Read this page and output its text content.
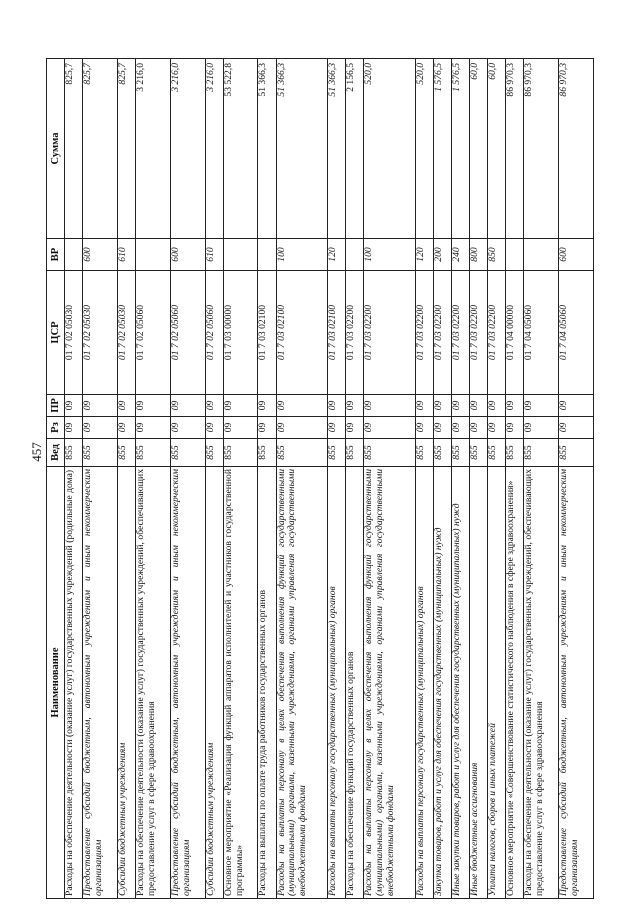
457
Наименование	Вед	Рз	ПР	ЦСР	ВР	Сумма
Расходы на обеспечение деятельности (оказание услуг) государственных учреждений (родильные дома)	855	09	09	01 7 02 05030		825,7
Предоставление субсидий бюджетным, автономным учреждениям и иным некоммерческим организациям	855	09	09	01 7 02 05030	600	825,7
Субсидии бюджетным учреждениям	855	09	09	01 7 02 05030	610	825,7
Расходы на обеспечение деятельности (оказание услуг) государственных учреждений, обеспечивающих предоставление услуг в сфере здравоохранения	855	09	09	01 7 02 05060		3 216,0
Предоставление субсидий бюджетным, автономным учреждениям и иным некоммерческим организациям	855	09	09	01 7 02 05060	600	3 216,0
Субсидии бюджетным учреждениям	855	09	09	01 7 02 05060	610	3 216,0
Основное мероприятие «Реализация функций аппаратов исполнителей и участников государственной программы»	855	09	09	01 7 03 00000		53 522,8
Расходы на выплаты по оплате труда работников государственных органов	855	09	09	01 7 03 02100		51 366,3
Расходы на выплаты персоналу в целях обеспечения выполнения функций государственными (муниципальными) органами, казенными учреждениями, органами управления государственными внебюджетными фондами	855	09	09	01 7 03 02100	100	51 366,3
Расходы на выплаты персоналу государственных (муниципальных) органов	855	09	09	01 7 03 02100	120	51 366,3
Расходы на обеспечение функций государственных органов	855	09	09	01 7 03 02200		2 156,5
Расходы на выплаты персоналу в целях обеспечения выполнения функций государственными (муниципальными) органами, казенными учреждениями, органами управления государственными внебюджетными фондами	855	09	09	01 7 03 02200	100	520,0
Расходы на выплаты персоналу государственных (муниципальных) органов	855	09	09	01 7 03 02200	120	520,0
Закупка товаров, работ и услуг для обеспечения государственных (муниципальных) нужд	855	09	09	01 7 03 02200	200	1 576,5
Иные закупки товаров, работ и услуг для обеспечения государственных (муниципальных) нужд	855	09	09	01 7 03 02200	240	1 576,5
Иные бюджетные ассигнования	855	09	09	01 7 03 02200	800	60,0
Уплата налогов, сборов и иных платежей	855	09	09	01 7 03 02200	850	60,0
Основное мероприятие «Совершенствование статистического наблюдения в сфере здравоохранения»	855	09	09	01 7 04 00000		86 970,3
Расходы на обеспечение деятельности (оказание услуг) государственных учреждений, обеспечивающих предоставление услуг в сфере здравоохранения	855	09	09	01 7 04 05060		86 970,3
Предоставление субсидий бюджетным, автономным учреждениям и иным некоммерческим организациям	855	09	09	01 7 04 05060	600	86 970,3
